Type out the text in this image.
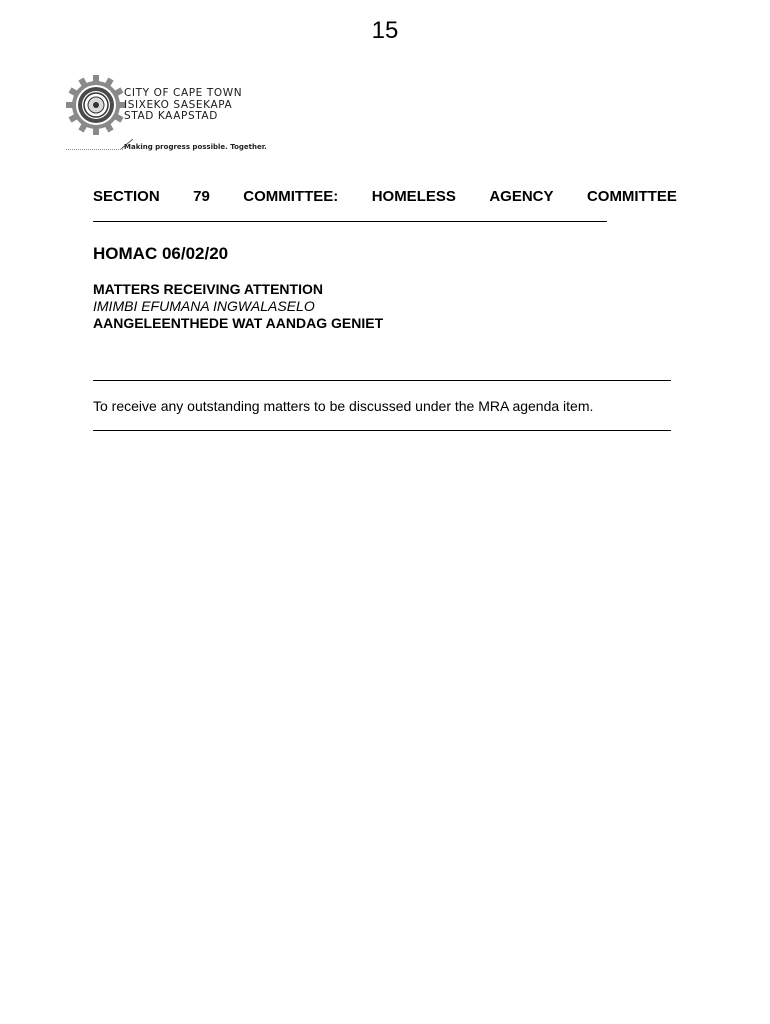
15
CITY OF CAPE TOWN
ISIXEKO SASEKAPA
STAD KAAPSTAD
Making progress possible. Together.
SECTION 79 COMMITTEE: HOMELESS AGENCY COMMITTEE
HOMAC 06/02/20
MATTERS RECEIVING ATTENTION
IMIMBI EFUMANA INGWALASELO
AANGELEENTHEDE WAT AANDAG GENIET
To receive any outstanding matters to be discussed under the MRA agenda item.
